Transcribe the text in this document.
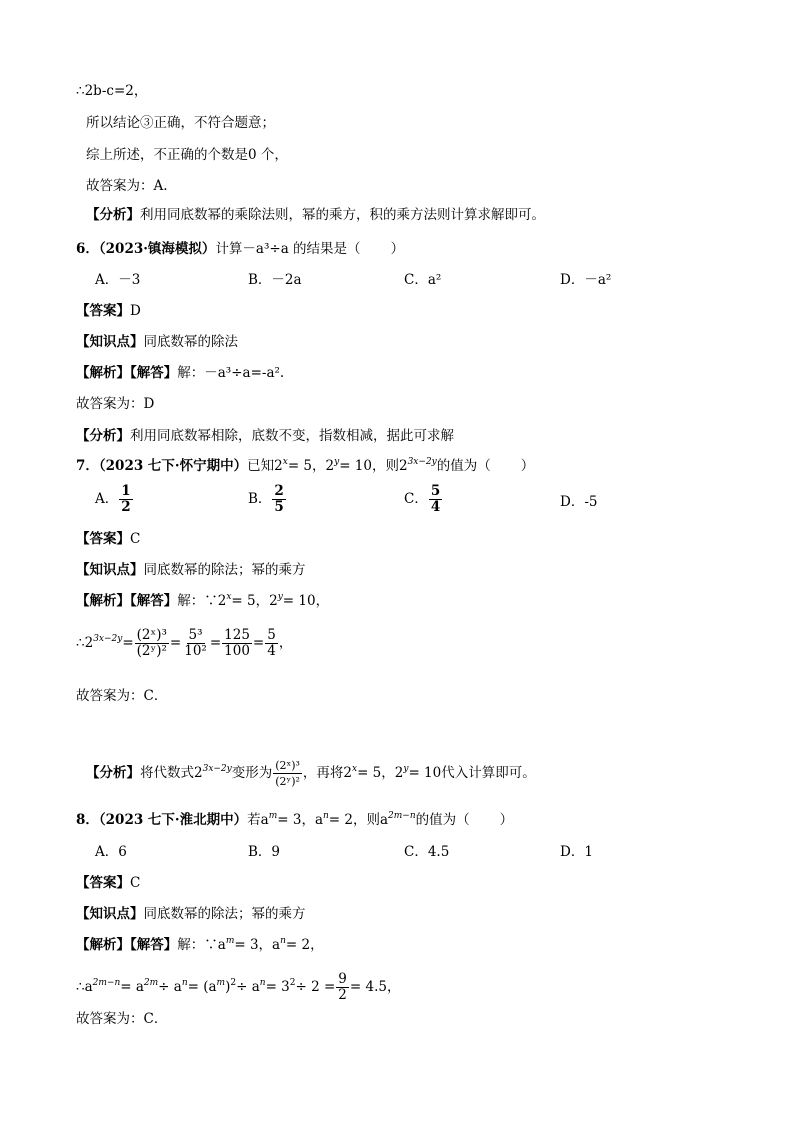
∴2b-c=2，
所以结论③正确，不符合题意；
综上所述，不正确的个数是0 个，
故答案为：A.
【分析】利用同底数幂的乘除法则，幂的乘方，积的乘方法则计算求解即可。
6．（2023·镇海模拟）计算－a³÷a 的结果是（ ）
A．－3	B．－2a	C．a²	D．－a²
【答案】D
【知识点】同底数幂的除法
【解析】【解答】解：－a³÷a=-a².
故答案为：D
【分析】利用同底数幂相除，底数不变，指数相减，据此可求解
7．（2023 七下·怀宁期中）已知$2^x= 5$，$2^y= 10$，则$2^{3x-2y}$的值为（ ）
A． $\frac{1}{2}$	B． $\frac{2}{5}$	C． $\frac{5}{4}$	D．-5
【答案】C
【知识点】同底数幂的除法；幂的乘方
【解析】【解答】解：$\because 2^x= 5$，$2^y= 10$，
$\therefore 2^{3x-2y}= \frac{\text{(2ˣ)³}}{\text{(2ʸ)²}} = \frac{\text{5³}}{\text{10²}} = \frac{125}{100} = \frac{5}{4}$ ，
故答案为：C．
【分析】将代数式$2^{3x-2y}$变形为 $\frac{\text{(2ˣ)³}}{\text{(2ʸ)²}}$ ，再将$2^x= 5$，$2^y= 10$代入计算即可。
8．（2023 七下·淮北期中）若$a^m= 3$，$a^n= 2$，则$a^{2m-n}$的值为（ ）
A．6	B．9	C．4.5	D．1
【答案】C
【知识点】同底数幂的除法；幂的乘方
【解析】【解答】解：$\because a^m= 3$，$a^n= 2$，
$\therefore a^{2m-n}= a^{2m}\div a^n= (a^m)^2\div a^n= 3^2\div 2 = \frac{9}{2} = 4.5$，
故答案为：C．
